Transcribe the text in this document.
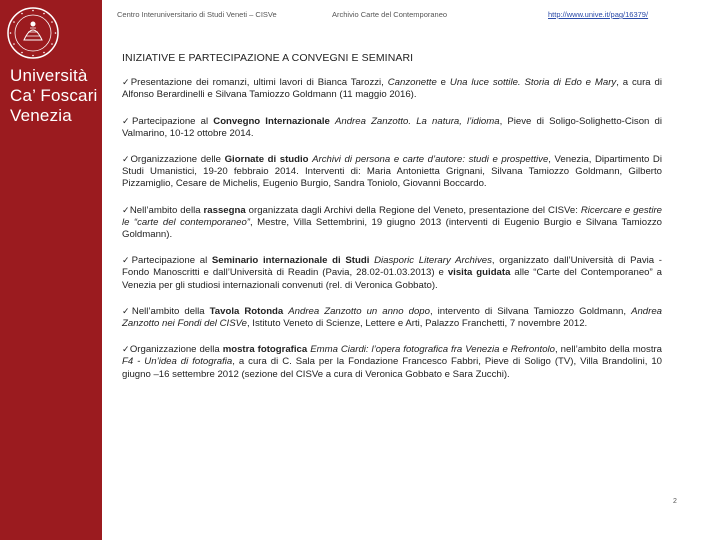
Università
Ca’ Foscari
Venezia
Centro Interuniversitario di Studi Veneti – CISVe	Archivio Carte del Contemporaneo	http://www.unive.it/pag/16379/
INIZIATIVE E PARTECIPAZIONE A CONVEGNI E SEMINARI
✓Presentazione dei romanzi, ultimi lavori di Bianca Tarozzi, Canzonette e Una luce sottile. Storia di Edo e Mary, a cura di Alfonso Berardinelli e Silvana Tamiozzo Goldmann (11 maggio 2016).
✓Partecipazione al Convegno Internazionale Andrea Zanzotto. La natura, l’idioma, Pieve di Soligo-Solighetto-Cison di Valmarino, 10-12 ottobre 2014.
✓Organizzazione delle Giornate di studio Archivi di persona e carte d’autore: studi e prospettive, Venezia, Dipartimento Di Studi Umanistici, 19-20 febbraio 2014. Interventi di: Maria Antonietta Grignani, Silvana Tamiozzo Goldmann, Gilberto Pizzamiglio, Cesare de Michelis, Eugenio Burgio, Sandra Toniolo, Giovanni Boccardo.
✓Nell’ambito della rassegna organizzata dagli Archivi della Regione del Veneto, presentazione del CISVe: Ricercare e gestire le “carte del contemporaneo”, Mestre, Villa Settembrini, 19 giugno 2013 (interventi di Eugenio Burgio e Silvana Tamiozzo Goldmann).
✓Partecipazione al Seminario internazionale di Studi Diasporic Literary Archives, organizzato dall’Università di Pavia - Fondo Manoscritti e dall’Università di Readin (Pavia, 28.02-01.03.2013) e visita guidata alle “Carte del Contemporaneo” a Venezia per gli studiosi internazionali convenuti (rel. di Veronica Gobbato).
✓Nell’ambito della Tavola Rotonda Andrea Zanzotto un anno dopo, intervento di Silvana Tamiozzo Goldmann, Andrea Zanzotto nei Fondi del CISVe, Istituto Veneto di Scienze, Lettere e Arti, Palazzo Franchetti, 7 novembre 2012.
✓Organizzazione della mostra fotografica Emma Ciardi: l’opera fotografica fra Venezia e Refrontolo, nell’ambito della mostra F4 - Un’idea di fotografia, a cura di C. Sala per la Fondazione Francesco Fabbri, Pieve di Soligo (TV), Villa Brandolini, 10 giugno –16 settembre 2012 (sezione del CISVe a cura di Veronica Gobbato e Sara Zucchi).
2
